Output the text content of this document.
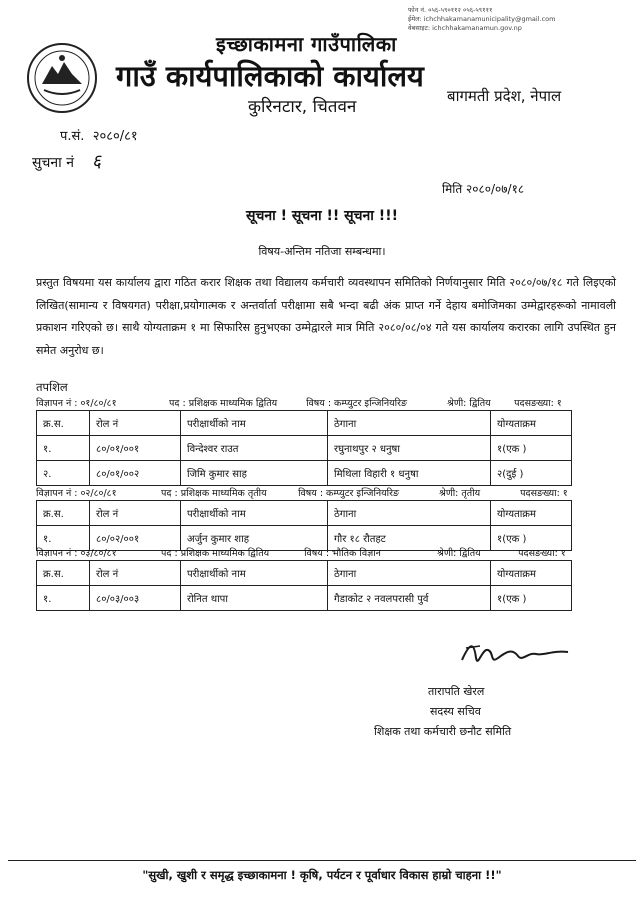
फोन नं. ०५६-५९०११२ ०५६-५९१११
ईमेल: ichchhakamanamunicipality@gmail.com
वेबसाइट: ichchhakamanamun.gov.np
इच्छाकामना गाउँपालिका
गाउँ कार्यपालिकाको कार्यालय
कुरिनटार, चितवन
बागमती प्रदेश, नेपाल
प.सं. २०८०/८१
सुचना नं ६
मिति २०८०/०७/१८
सूचना ! सूचना !! सूचना !!!
विषय-अन्तिम नतिजा सम्बन्धमा।
प्रस्तुत विषयमा यस कार्यालय द्वारा गठित करार शिक्षक तथा विद्यालय कर्मचारी व्यवस्थापन समितिको निर्णयानुसार मिति २०८०/०७/१८ गते लिइएको लिखित(सामान्य र विषयगत) परीक्षा,प्रयोगात्मक र अन्तर्वार्ता परीक्षामा सबै भन्दा बढी अंक प्राप्त गर्ने देहाय बमोजिमका उम्मेद्वारहरूको नामावली प्रकाशन गरिएको छ। साथै योग्यताक्रम १ मा सिफारिस हुनुभएका उम्मेद्वारले मात्र मिति २०८०/०८/०४ गते यस कार्यालय करारका लागि उपस्थित हुन समेत अनुरोध छ।
तपशिल
विज्ञापन नं : ०१/८०/८१	पद : प्रशिक्षक माध्यमिक द्वितिय	विषय : कम्प्युटर इन्जिनियरिङ	श्रेणी: द्वितिय पदसङख्या: १
क्र.स.	रोल नं	परीक्षार्थीको नाम	ठेगाना	योग्यताक्रम
१.	८०/०१/००१	विन्देश्वर राउत	रघुनाथपुर २ धनुषा	१(एक )
२.	८०/०१/००२	जिमि कुमार साह	मिथिला विहारी १ धनुषा	२(दुई )
विज्ञापन नं : ०२/८०/८१	पद : प्रशिक्षक माध्यमिक तृतीय	विषय : कम्प्युटर इन्जिनियरिङ	श्रेणी: तृतीय	पदसङख्या: १
क्र.स.	रोल नं	परीक्षार्थीको नाम	ठेगाना	योग्यताक्रम
१.	८०/०२/००१	अर्जुन कुमार शाह	गौर १८ रौतहट	१(एक )
विज्ञापन नं : ०३/८०/८१	पद : प्रशिक्षक माध्यमिक द्वितिय	विषय : भौतिक विज्ञान	श्रेणी: द्वितिय	पदसङख्या: १
क्र.स.	रोल नं	परीक्षार्थीको नाम	ठेगाना	योग्यताक्रम
१.	८०/०३/००३	रोनित थापा	गैडाकोट २ नवलपरासी पुर्व	१(एक )
तारापति खेरल
सदस्य सचिव
शिक्षक तथा कर्मचारी छनौट समिति
"सुखी, खुशी र समृद्ध इच्छाकामना ! कृषि, पर्यटन र पूर्वाधार विकास हाम्रो चाहना !!"
